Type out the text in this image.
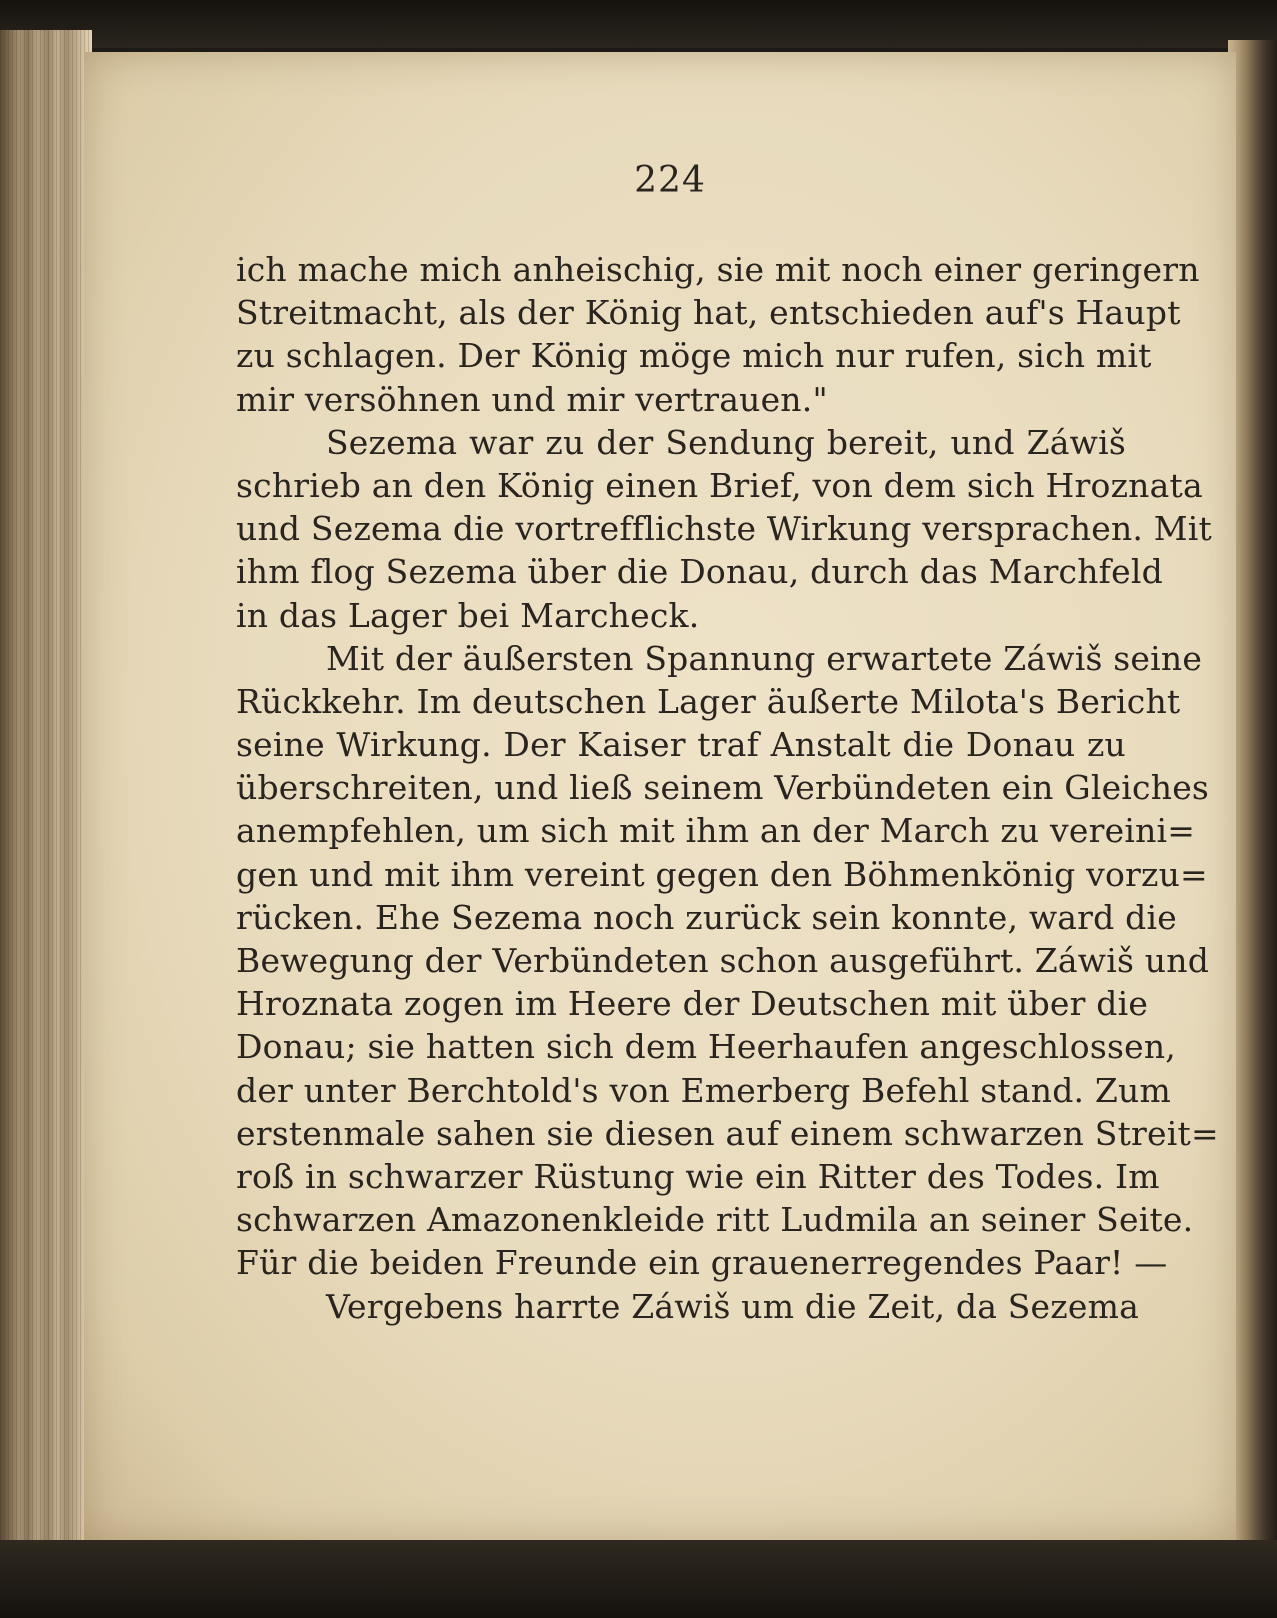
224
ich mache mich anheischig, sie mit noch einer geringern
Streitmacht, als der König hat, entschieden auf's Haupt
zu schlagen. Der König möge mich nur rufen, sich mit
mir versöhnen und mir vertrauen."
Sezema war zu der Sendung bereit, und Záwiš
schrieb an den König einen Brief, von dem sich Hroznata
und Sezema die vortrefflichste Wirkung versprachen. Mit
ihm flog Sezema über die Donau, durch das Marchfeld
in das Lager bei Marcheck.
Mit der äußersten Spannung erwartete Záwiš seine
Rückkehr. Im deutschen Lager äußerte Milota's Bericht
seine Wirkung. Der Kaiser traf Anstalt die Donau zu
überschreiten, und ließ seinem Verbündeten ein Gleiches
anempfehlen, um sich mit ihm an der March zu vereini=
gen und mit ihm vereint gegen den Böhmenkönig vorzu=
rücken. Ehe Sezema noch zurück sein konnte, ward die
Bewegung der Verbündeten schon ausgeführt. Záwiš und
Hroznata zogen im Heere der Deutschen mit über die
Donau; sie hatten sich dem Heerhaufen angeschlossen,
der unter Berchtold's von Emerberg Befehl stand. Zum
erstenmale sahen sie diesen auf einem schwarzen Streit=
roß in schwarzer Rüstung wie ein Ritter des Todes. Im
schwarzen Amazonenkleide ritt Ludmila an seiner Seite.
Für die beiden Freunde ein grauenerregendes Paar! —
Vergebens harrte Záwiš um die Zeit, da Sezema
